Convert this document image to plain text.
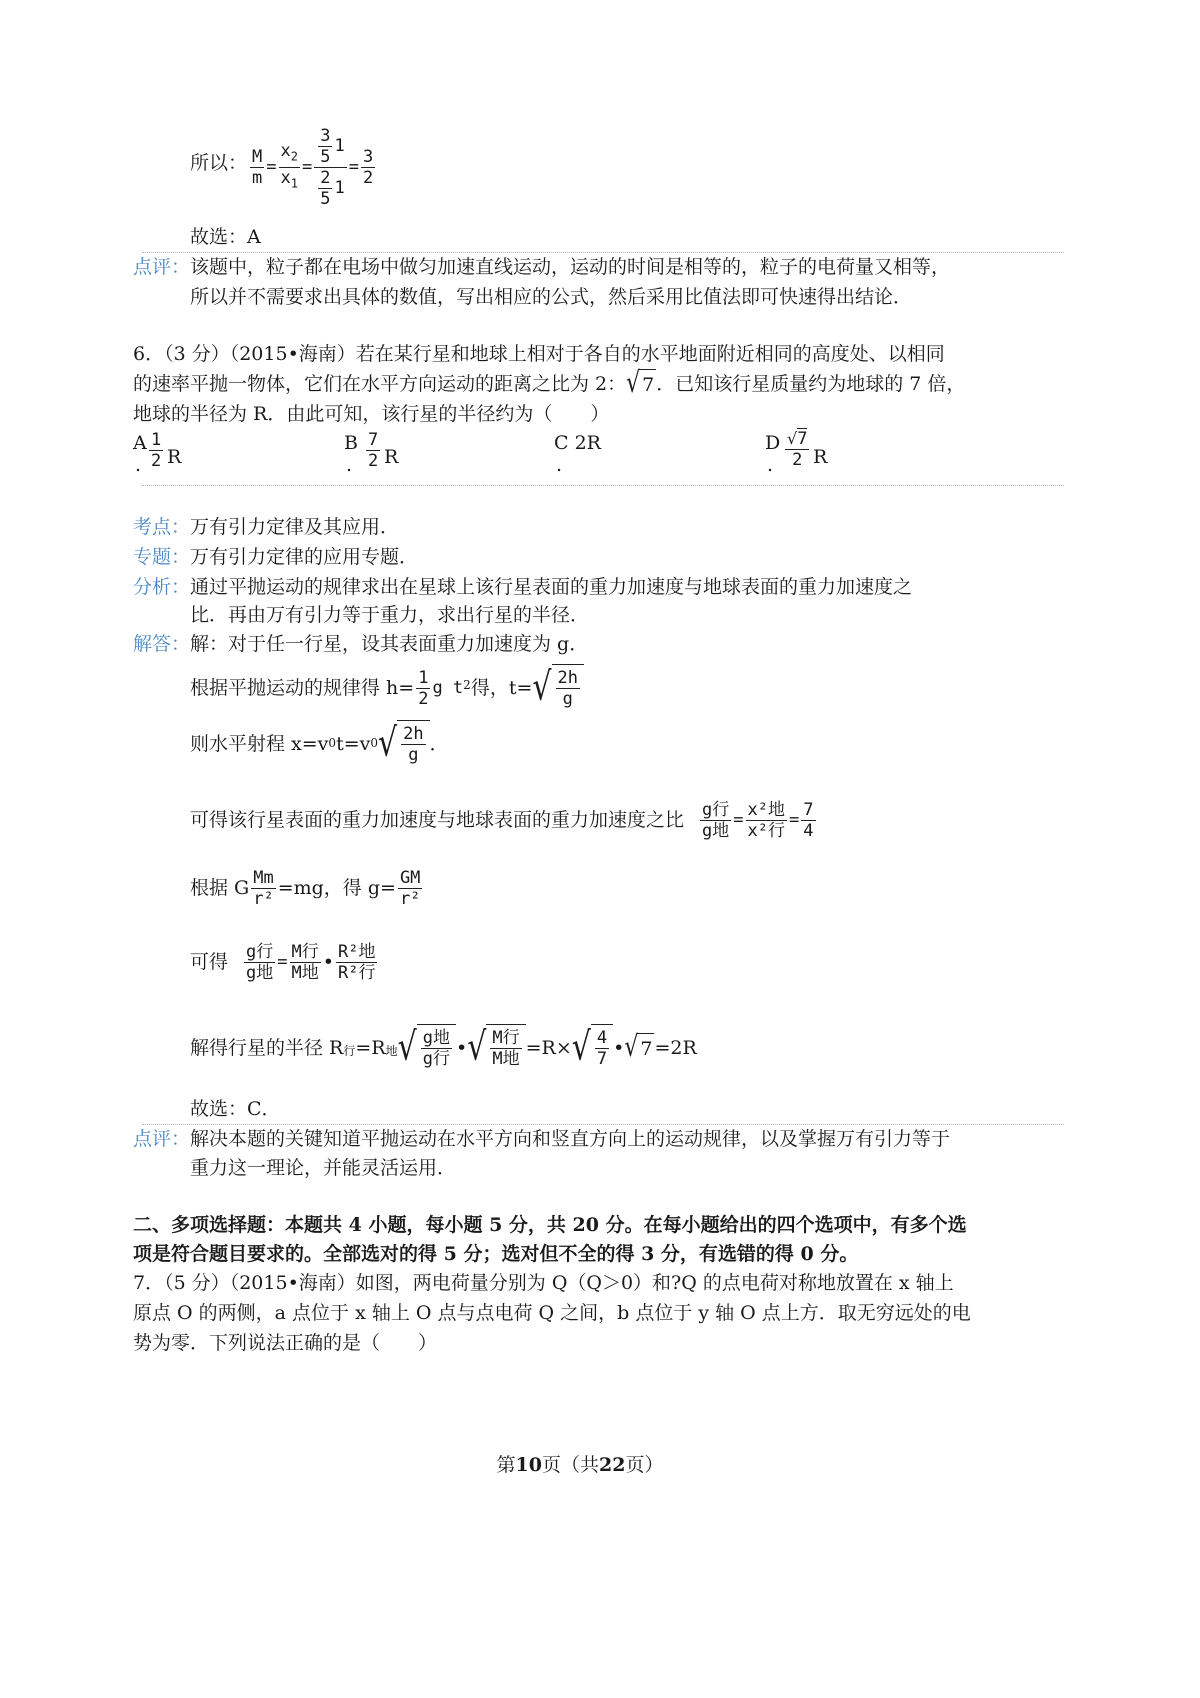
所以： $\frac{M}{m} = \frac{x_2}{x_1} = \frac{\frac{3}{5} 1}{\frac{2}{5} 1} = \frac{3}{2}$
故选：A
点评： 该题中，粒子都在电场中做匀加速直线运动，运动的时间是相等的，粒子的电荷量又相等，
所以并不需要求出具体的数值，写出相应的公式，然后采用比值法即可快速得出结论．
6．（3 分）（2015•海南）若在某行星和地球上相对于各自的水平地面附近相同的高度处、以相同
的速率平抛一物体，它们在水平方向运动的距离之比为 2： √ 7 ．已知该行星质量约为地球的 7 倍，
地球的半径为 R．由此可知，该行星的半径约为（　　）
A 1
2 R
.
B 7
2 R
.
C 2R
.
D √ 7
2 R
.
考点： 万有引力定律及其应用．
专题： 万有引力定律的应用专题．
分析： 通过平抛运动的规律求出在星球上该行星表面的重力加速度与地球表面的重力加速度之
比．再由万有引力等于重力，求出行星的半径．
解答： 解：对于任一行星，设其表面重力加速度为 g．
根据平抛运动的规律得 $h= \frac{1}{2}$ g t 2 得，t= √ $\frac{2h}{g}$
则水平射程 x=v 0 t=v 0 √ $\frac{2h}{g}$ ．
可得该行星表面的重力加速度与地球表面的重力加速度之比 $\frac{\text{g行}}{\text{g地}} = \frac{\text{x²地}}{\text{x²行}} = \frac{7}{4}$
根据 G $\frac{Mm}{\text{r²}} =mg$，得 $g= \frac{GM}{\text{r²}}$
可得 $\frac{\text{g行}}{\text{g地}} = \frac{\text{M行}}{\text{M地}}$ • $\frac{\text{R²地}}{\text{R²行}}$
解得行星的半径 R 行 =R 地 √ $\frac{\text{g地}}{\text{g行}}$ • √ $\frac{\text{M行}}{\text{M地}} =R\times$ √ $\frac{4}{7}$ • √ 7 =2R
故选：C．
点评： 解决本题的关键知道平抛运动在水平方向和竖直方向上的运动规律，以及掌握万有引力等于
重力这一理论，并能灵活运用．
二、多项选择题：本题共 4 小题，每小题 5 分，共 20 分。在每小题给出的四个选项中，有多个选
项是符合题目要求的。全部选对的得 5 分；选对但不全的得 3 分，有选错的得 0 分。
7．（5 分）（2015•海南）如图，两电荷量分别为 Q（Q＞0）和?Q 的点电荷对称地放置在 x 轴上
原点 O 的两侧，a 点位于 x 轴上 O 点与点电荷 Q 之间，b 点位于 y 轴 O 点上方．取无穷远处的电
势为零．下列说法正确的是（　　）
第10页（共22页）
